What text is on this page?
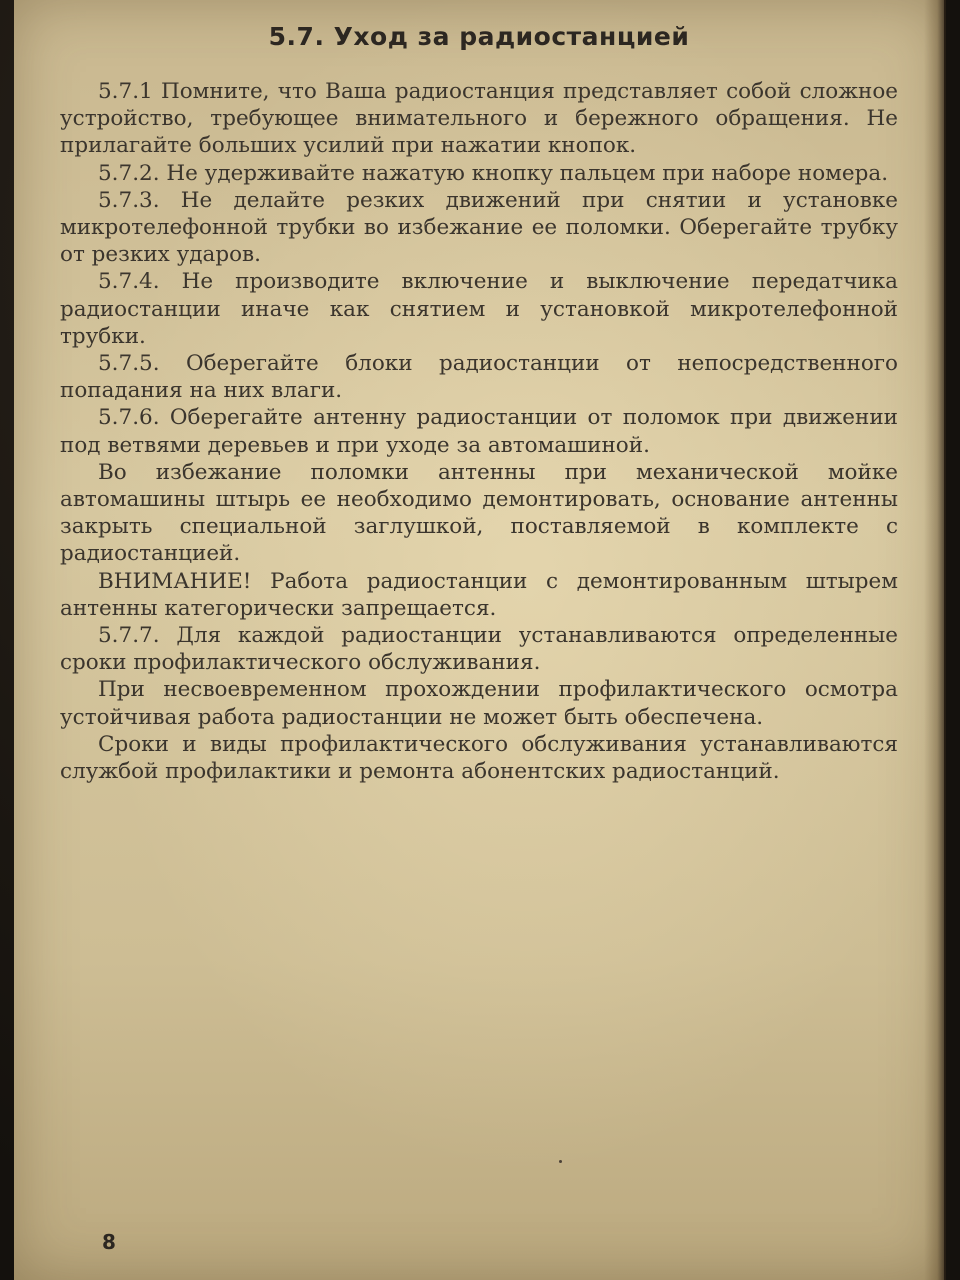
5.7. Уход за радиостанцией

5.7.1 Помните, что Ваша радиостанция представляет собой сложное устройство, требующее внимательного и бережного обращения. Не прилагайте больших усилий при нажатии кнопок.

5.7.2. Не удерживайте нажатую кнопку пальцем при наборе номера.

5.7.3. Не делайте резких движений при снятии и установке микротелефонной трубки во избежание ее поломки. Оберегайте трубку от резких ударов.

5.7.4. Не производите включение и выключение передатчика радиостанции иначе как снятием и установкой микротелефонной трубки.

5.7.5. Оберегайте блоки радиостанции от непосредственного попадания на них влаги.

5.7.6. Оберегайте антенну радиостанции от поломок при движении под ветвями деревьев и при уходе за автомашиной.

Во избежание поломки антенны при механической мойке автомашины штырь ее необходимо демонтировать, основание антенны закрыть специальной заглушкой, поставляемой в комплекте с радиостанцией.

ВНИМАНИЕ! Работа радиостанции с демонтированным штырем антенны категорически запрещается.

5.7.7. Для каждой радиостанции устанавливаются определенные сроки профилактического обслуживания.

При несвоевременном прохождении профилактического осмотра устойчивая работа радиостанции не может быть обеспечена.

Сроки и виды профилактического обслуживания устанавливаются службой профилактики и ремонта абонентских радиостанций.

8
